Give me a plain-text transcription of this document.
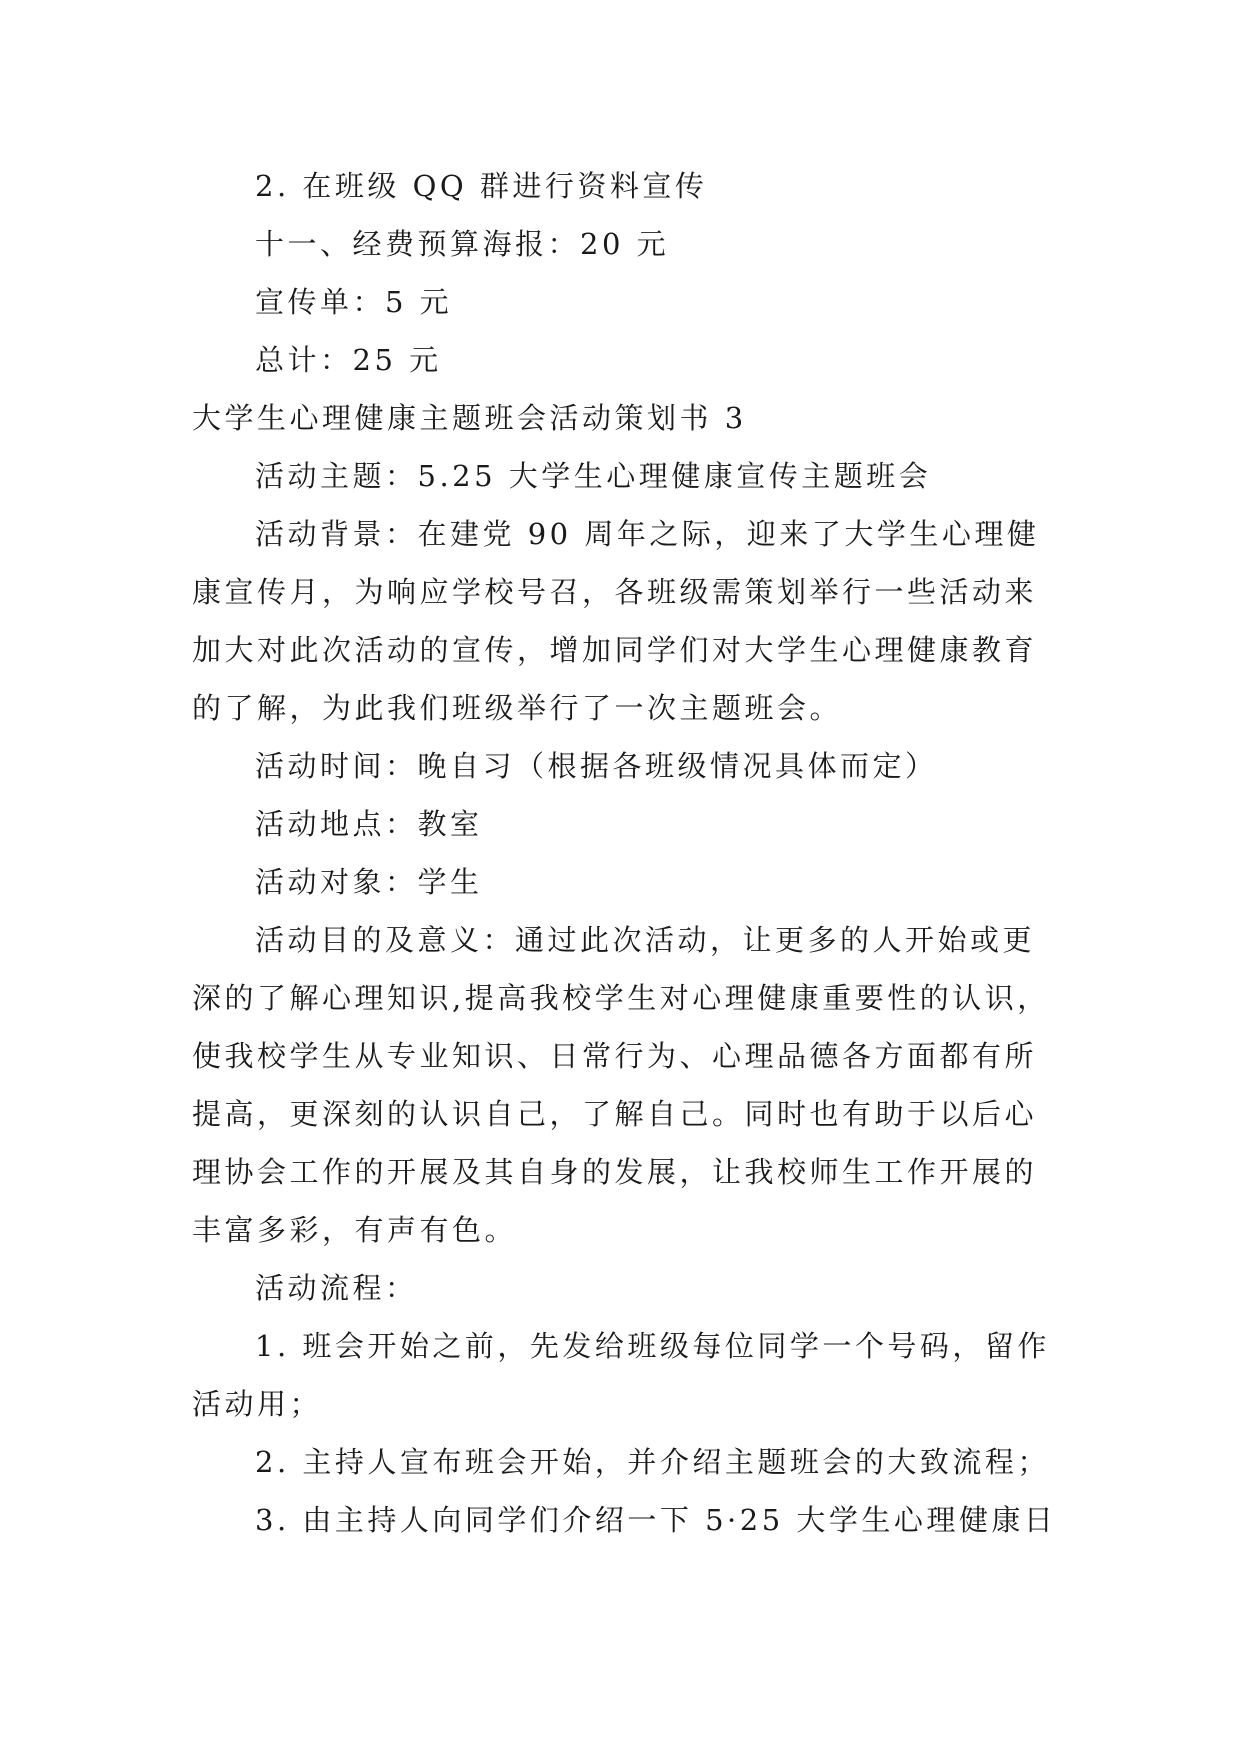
2. 在班级 QQ 群进行资料宣传
十一、经费预算海报：20 元
宣传单：5 元
总计：25 元
大学生心理健康主题班会活动策划书 3
活动主题：5.25 大学生心理健康宣传主题班会
活动背景：在建党 90 周年之际，迎来了大学生心理健
康宣传月，为响应学校号召，各班级需策划举行一些活动来
加大对此次活动的宣传，增加同学们对大学生心理健康教育
的了解，为此我们班级举行了一次主题班会。
活动时间：晚自习（根据各班级情况具体而定）
活动地点：教室
活动对象：学生
活动目的及意义：通过此次活动，让更多的人开始或更
深的了解心理知识,提高我校学生对心理健康重要性的认识，
使我校学生从专业知识、日常行为、心理品德各方面都有所
提高，更深刻的认识自己，了解自己。同时也有助于以后心
理协会工作的开展及其自身的发展，让我校师生工作开展的
丰富多彩，有声有色。
活动流程：
1. 班会开始之前，先发给班级每位同学一个号码，留作
活动用；
2. 主持人宣布班会开始，并介绍主题班会的大致流程；
3. 由主持人向同学们介绍一下 5·25 大学生心理健康日
